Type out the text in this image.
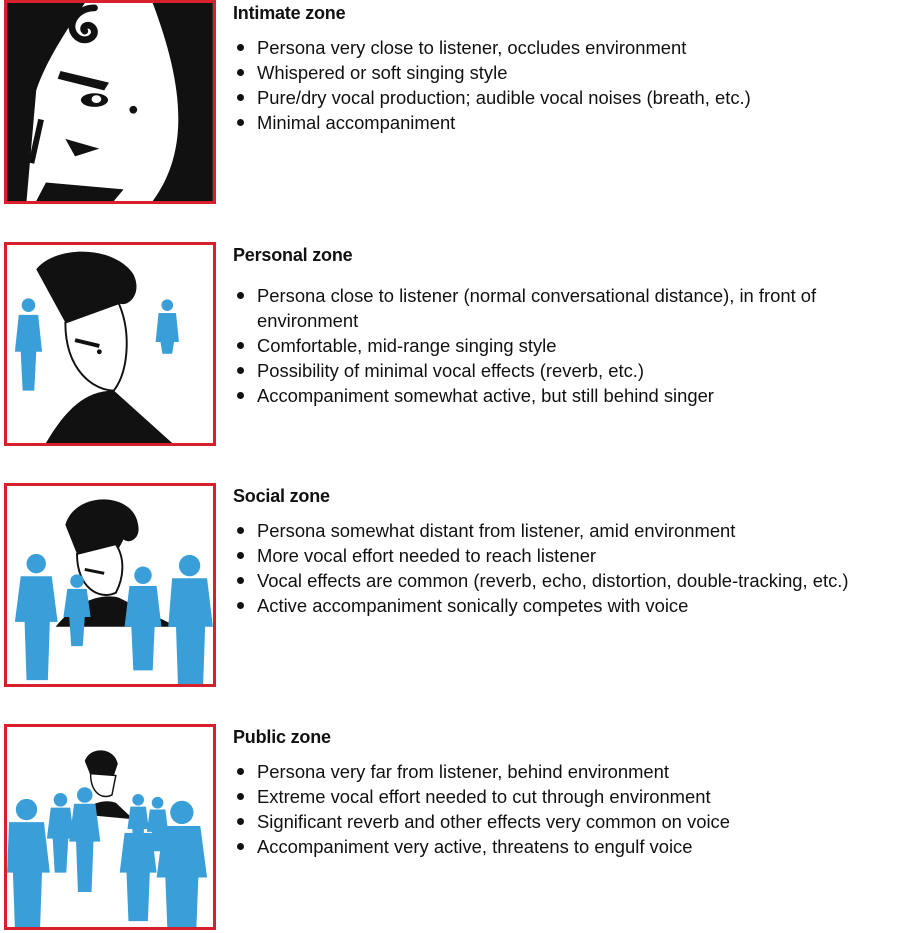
Intimate zone
Persona very close to listener, occludes environment
Whispered or soft singing style
Pure/dry vocal production; audible vocal noises (breath, etc.)
Minimal accompaniment
Personal zone
Persona close to listener (normal conversational distance), in front of environment
Comfortable, mid-range singing style
Possibility of minimal vocal effects (reverb, etc.)
Accompaniment somewhat active, but still behind singer
Social zone
Persona somewhat distant from listener, amid environment
More vocal effort needed to reach listener
Vocal effects are common (reverb, echo, distortion, double-tracking, etc.)
Active accompaniment sonically competes with voice
Public zone
Persona very far from listener, behind environment
Extreme vocal effort needed to cut through environment
Significant reverb and other effects very common on voice
Accompaniment very active, threatens to engulf voice
